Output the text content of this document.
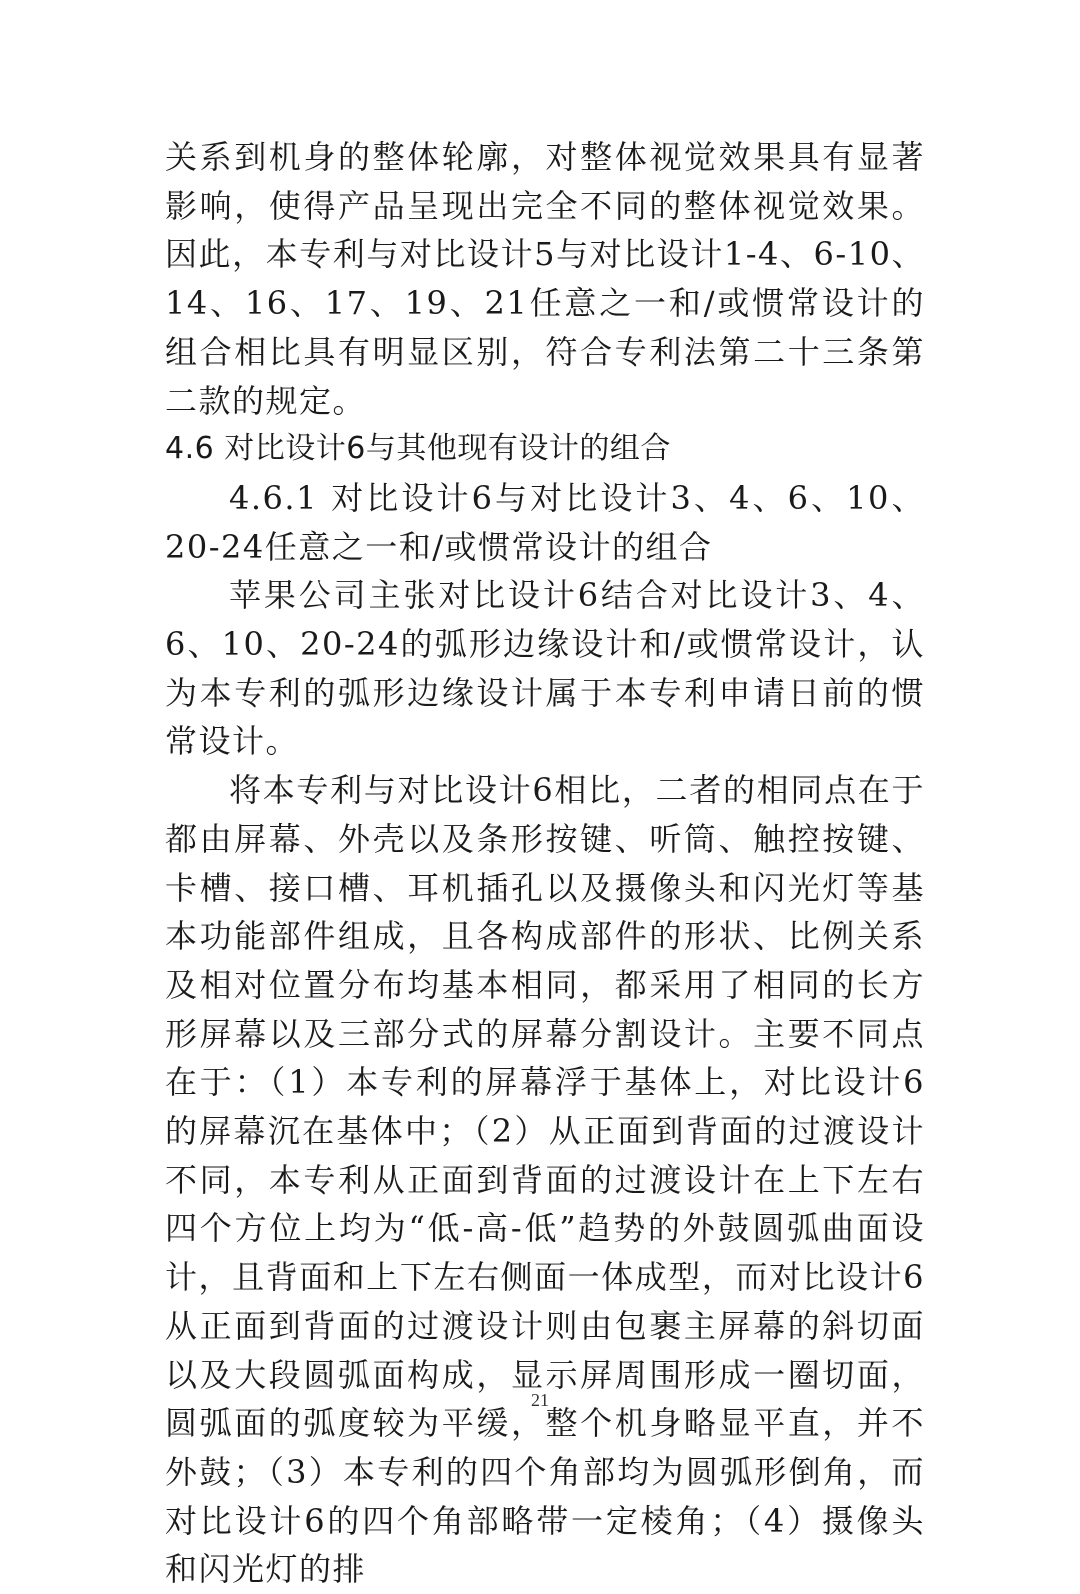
关系到机身的整体轮廓，对整体视觉效果具有显著影响，使得产品呈现出完全不同的整体视觉效果。因此，本专利与对比设计5与对比设计1-4、6-10、14、16、17、19、21任意之一和/或惯常设计的组合相比具有明显区别，符合专利法第二十三条第二款的规定。

4.6 对比设计6与其他现有设计的组合

4.6.1 对比设计6与对比设计3、4、6、10、20-24任意之一和/或惯常设计的组合

苹果公司主张对比设计6结合对比设计3、4、6、10、20-24的弧形边缘设计和/或惯常设计，认为本专利的弧形边缘设计属于本专利申请日前的惯常设计。

将本专利与对比设计6相比，二者的相同点在于都由屏幕、外壳以及条形按键、听筒、触控按键、卡槽、接口槽、耳机插孔以及摄像头和闪光灯等基本功能部件组成，且各构成部件的形状、比例关系及相对位置分布均基本相同，都采用了相同的长方形屏幕以及三部分式的屏幕分割设计。主要不同点在于：（1）本专利的屏幕浮于基体上，对比设计6的屏幕沉在基体中；（2）从正面到背面的过渡设计不同，本专利从正面到背面的过渡设计在上下左右四个方位上均为“低-高-低”趋势的外鼓圆弧曲面设计，且背面和上下左右侧面一体成型，而对比设计6从正面到背面的过渡设计则由包裹主屏幕的斜切面以及大段圆弧面构成，显示屏周围形成一圈切面，圆弧面的弧度较为平缓，整个机身略显平直，并不外鼓；（3）本专利的四个角部均为圆弧形倒角，而对比设计6的四个角部略带一定棱角；（4）摄像头和闪光灯的排

21
